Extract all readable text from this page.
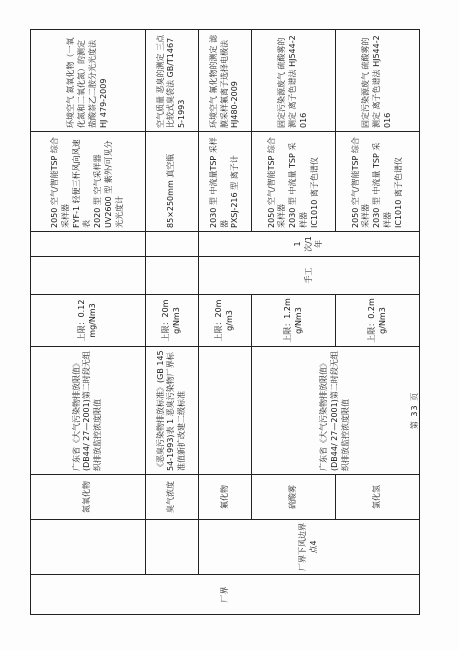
厂界		氮氧化物	广东省《大气污染物排放限值》(DB44/ 27—2001)第二时段无组织排放监控浓度限值	上限：0.12mg/Nm3			2050 空气/智能TSP 综合采样器
FYF-1 轻便三杯风向风速表
2020 型 空气采样器
UV2600 型 紫外/可见分光光度计	环境空气 氮氧化物（一氧化氮和二氧化氮）的测定 盐酸萘乙二胺分光光度法 HJ 479-2009
		臭气浓度	《恶臭污染物排放标准》(GB 14554-1993)表 1 恶臭污染物厂界标准值新扩改建二级标准	上限：20mg/Nm3			85×250mm 真空瓶	空气质量 恶臭的测定 三点比较式臭袋法 GB/T14675-1993
	厂界下风边界点4	氟化物		上限：20mg/m3	手工	1 次/1 年	2030 型 中流量TSP 采样器
PXSJ-216 型 离子计	环境空气 氟化物的测定 滤膜采样氟离子选择电极法 HJ480-2009
		硫酸雾	广东省《大气污染物排放限值》(DB44/ 27—2001)第二时段无组织排放监控浓度限值	上限：1.2mg/Nm3			2050 空气/智能TSP 综合采样器
2030 型 中流量 TSP 采样器
IC1010 离子色谱仪	固定污染源废气 硫酸雾的测定 离子色谱法 HJ544-2016
		氯化氢		上限：0.2mg/Nm3			2050 空气/智能TSP 综合采样器
2030 型 中流量 TSP 采样器
IC1010 离子色谱仪	固定污染源废气 硫酸雾的测定 离子色谱法 HJ544-2016
第 33 页
